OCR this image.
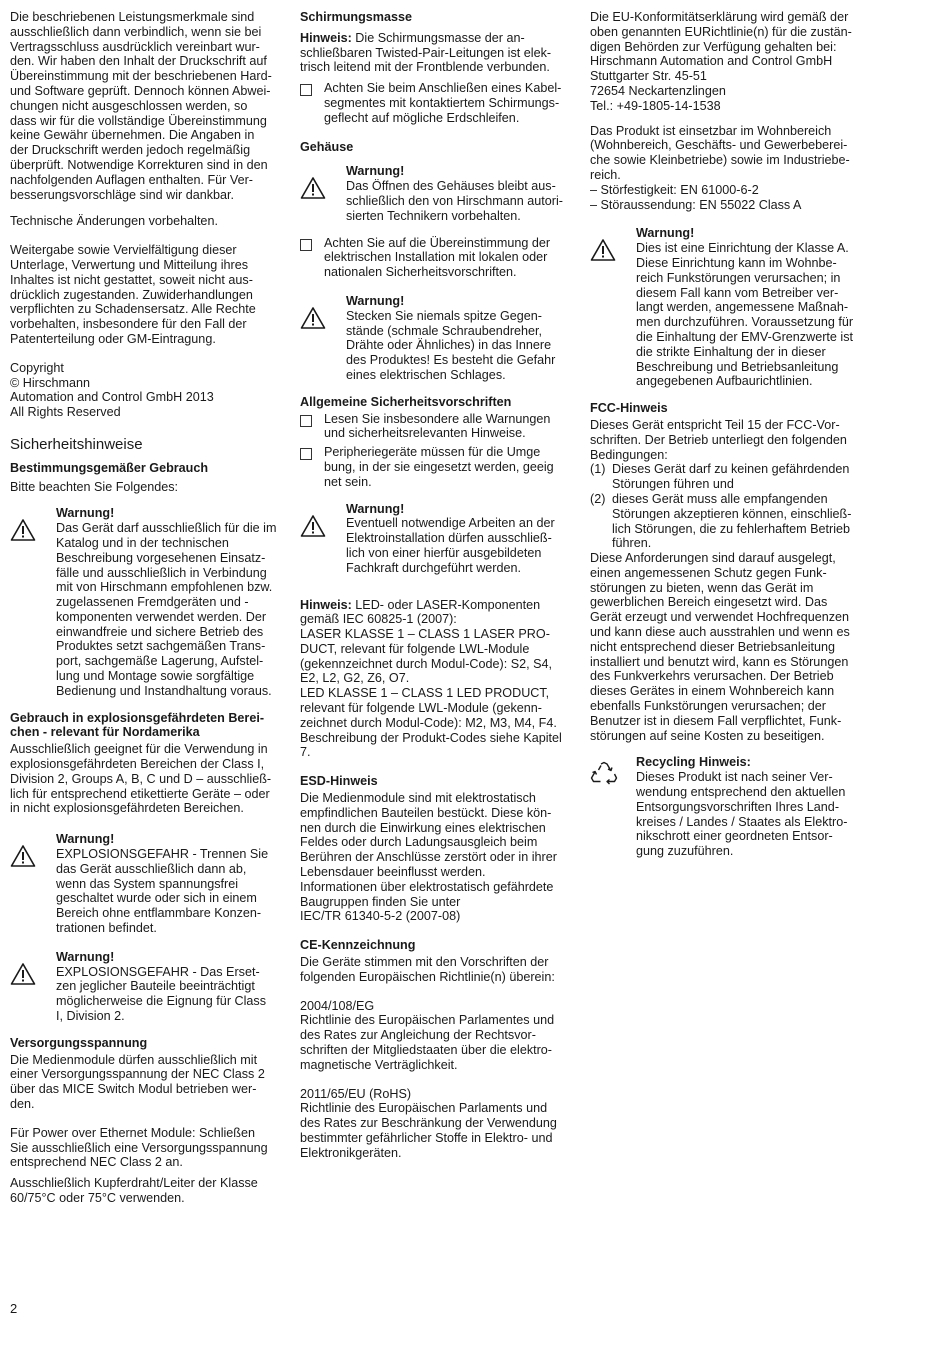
Die beschriebenen Leistungsmerkmale sind
ausschließlich dann verbindlich, wenn sie bei
Vertragsschluss ausdrücklich vereinbart wur-
den. Wir haben den Inhalt der Druckschrift auf
Übereinstimmung mit der beschriebenen Hard-
und Software geprüft. Dennoch können Abwei-
chungen nicht ausgeschlossen werden, so
dass wir für die vollständige Übereinstimmung
keine Gewähr übernehmen. Die Angaben in
der Druckschrift werden jedoch regelmäßig
überprüft. Notwendige Korrekturen sind in den
nachfolgenden Auflagen enthalten. Für Ver-
besserungsvorschläge sind wir dankbar.

Technische Änderungen vorbehalten.

Weitergabe sowie Vervielfältigung dieser
Unterlage, Verwertung und Mitteilung ihres
Inhaltes ist nicht gestattet, soweit nicht aus-
drücklich zugestanden. Zuwiderhandlungen
verpflichten zu Schadensersatz. Alle Rechte
vorbehalten, insbesondere für den Fall der
Patenterteilung oder GM-Eintragung.

Copyright
© Hirschmann
Automation and Control GmbH 2013
All Rights Reserved

Sicherheitshinweise
Bestimmungsgemäßer Gebrauch

Bitte beachten Sie Folgendes:

Warnung!
Das Gerät darf ausschließlich für die im
Katalog und in der technischen
Beschreibung vorgesehenen Einsatz-
fälle und ausschließlich in Verbindung
mit von Hirschmann empfohlenen bzw.
zugelassenen Fremdgeräten und -
komponenten verwendet werden. Der
einwandfreie und sichere Betrieb des
Produktes setzt sachgemäßen Trans-
port, sachgemäße Lagerung, Aufstel-
lung und Montage sowie sorgfältige
Bedienung und Instandhaltung voraus.
Gebrauch in explosionsgefährdeten Berei-
chen - relevant für Nordamerika

Ausschließlich geeignet für die Verwendung in
explosionsgefährdeten Bereichen der Class I,
Division 2, Groups A, B, C und D – ausschließ-
lich für entsprechend etikettierte Geräte – oder
in nicht explosionsgefährdeten Bereichen.

Warnung!
EXPLOSIONSGEFAHR - Trennen Sie
das Gerät ausschließlich dann ab,
wenn das System spannungsfrei
geschaltet wurde oder sich in einem
Bereich ohne entflammbare Konzen-
trationen befindet.
Warnung!
EXPLOSIONSGEFAHR - Das Erset-
zen jeglicher Bauteile beeinträchtigt
möglicherweise die Eignung für Class
I, Division 2.
Versorgungsspannung

Die Medienmodule dürfen ausschließlich mit
einer Versorgungsspannung der NEC Class 2
über das MICE Switch Modul betrieben wer-
den.

Für Power over Ethernet Module: Schließen
Sie ausschließlich eine Versorgungsspannung
entsprechend NEC Class 2 an.

Ausschließlich Kupferdraht/Leiter der Klasse
60/75°C oder 75°C verwenden.

Schirmungsmasse

Hinweis: Die Schirmungsmasse der an-
schließbaren Twisted-Pair-Leitungen ist elek-
trisch leitend mit der Frontblende verbunden.

Achten Sie beim Anschließen eines Kabel-
segmentes mit kontaktiertem Schirmungs-
geflecht auf mögliche Erdschleifen.
Gehäuse
Warnung!
Das Öffnen des Gehäuses bleibt aus-
schließlich den von Hirschmann autori-
sierten Technikern vorbehalten.
Achten Sie auf die Übereinstimmung der
elektrischen Installation mit lokalen oder
nationalen Sicherheitsvorschriften.
Warnung!
Stecken Sie niemals spitze Gegen-
stände (schmale Schraubendreher,
Drähte oder Ähnliches) in das Innere
des Produktes! Es besteht die Gefahr
eines elektrischen Schlages.
Allgemeine Sicherheitsvorschriften
Lesen Sie insbesondere alle Warnungen
und sicherheitsrelevanten Hinweise.
Peripheriegeräte müssen für die Umge
bung, in der sie eingesetzt werden, geeig
net sein.
Warnung!
Eventuell notwendige Arbeiten an der
Elektroinstallation dürfen ausschließ-
lich von einer hierfür ausgebildeten
Fachkraft durchgeführt werden.

Hinweis: LED- oder LASER-Komponenten
gemäß IEC 60825-1 (2007):
LASER KLASSE 1 – CLASS 1 LASER PRO-
DUCT, relevant für folgende LWL-Module
(gekennzeichnet durch Modul-Code): S2, S4,
E2, L2, G2, Z6, O7.
LED KLASSE 1 – CLASS 1 LED PRODUCT,
relevant für folgende LWL-Module (gekenn-
zeichnet durch Modul-Code): M2, M3, M4, F4.
Beschreibung der Produkt-Codes siehe Kapitel
7.

ESD-Hinweis

Die Medienmodule sind mit elektrostatisch
empfindlichen Bauteilen bestückt. Diese kön-
nen durch die Einwirkung eines elektrischen
Feldes oder durch Ladungsausgleich beim
Berühren der Anschlüsse zerstört oder in ihrer
Lebensdauer beeinflusst werden.
Informationen über elektrostatisch gefährdete
Baugruppen finden Sie unter
IEC/TR 61340-5-2 (2007-08)

CE-Kennzeichnung

Die Geräte stimmen mit den Vorschriften der
folgenden Europäischen Richtlinie(n) überein:

2004/108/EG
Richtlinie des Europäischen Parlamentes und
des Rates zur Angleichung der Rechtsvor-
schriften der Mitgliedstaaten über die elektro-
magnetische Verträglichkeit.

2011/65/EU (RoHS)
Richtlinie des Europäischen Parlaments und
des Rates zur Beschränkung der Verwendung
bestimmter gefährlicher Stoffe in Elektro- und
Elektronikgeräten.

Die EU-Konformitätserklärung wird gemäß der
oben genannten EURichtlinie(n) für die zustän-
digen Behörden zur Verfügung gehalten bei:
Hirschmann Automation and Control GmbH
Stuttgarter Str. 45-51
72654 Neckartenzlingen
Tel.: +49-1805-14-1538

Das Produkt ist einsetzbar im Wohnbereich
(Wohnbereich, Geschäfts- und Gewerbeberei-
che sowie Kleinbetriebe) sowie im Industriebe-
reich.
– Störfestigkeit: EN 61000-6-2
– Störaussendung: EN 55022 Class A

Warnung!
Dies ist eine Einrichtung der Klasse A.
Diese Einrichtung kann im Wohnbe-
reich Funkstörungen verursachen; in
diesem Fall kann vom Betreiber ver-
langt werden, angemessene Maßnah-
men durchzuführen. Voraussetzung für
die Einhaltung der EMV-Grenzwerte ist
die strikte Einhaltung der in dieser
Beschreibung und Betriebsanleitung
angegebenen Aufbaurichtlinien.
FCC-Hinweis

Dieses Gerät entspricht Teil 15 der FCC-Vor-
schriften. Der Betrieb unterliegt den folgenden
Bedingungen:

(1) Dieses Gerät darf zu keinen gefährdenden
Störungen führen und
(2) dieses Gerät muss alle empfangenden
Störungen akzeptieren können, einschließ-
lich Störungen, die zu fehlerhaftem Betrieb
führen.

Diese Anforderungen sind darauf ausgelegt,
einen angemessenen Schutz gegen Funk-
störungen zu bieten, wenn das Gerät im
gewerblichen Bereich eingesetzt wird. Das
Gerät erzeugt und verwendet Hochfrequenzen
und kann diese auch ausstrahlen und wenn es
nicht entsprechend dieser Betriebsanleitung
installiert und benutzt wird, kann es Störungen
des Funkverkehrs verursachen. Der Betrieb
dieses Gerätes in einem Wohnbereich kann
ebenfalls Funkstörungen verursachen; der
Benutzer ist in diesem Fall verpflichtet, Funk-
störungen auf seine Kosten zu beseitigen.

Recycling Hinweis:
Dieses Produkt ist nach seiner Ver-
wendung entsprechend den aktuellen
Entsorgungsvorschriften Ihres Land-
kreises / Landes / Staates als Elektro-
nikschrott einer geordneten Entsor-
gung zuzuführen.
2
